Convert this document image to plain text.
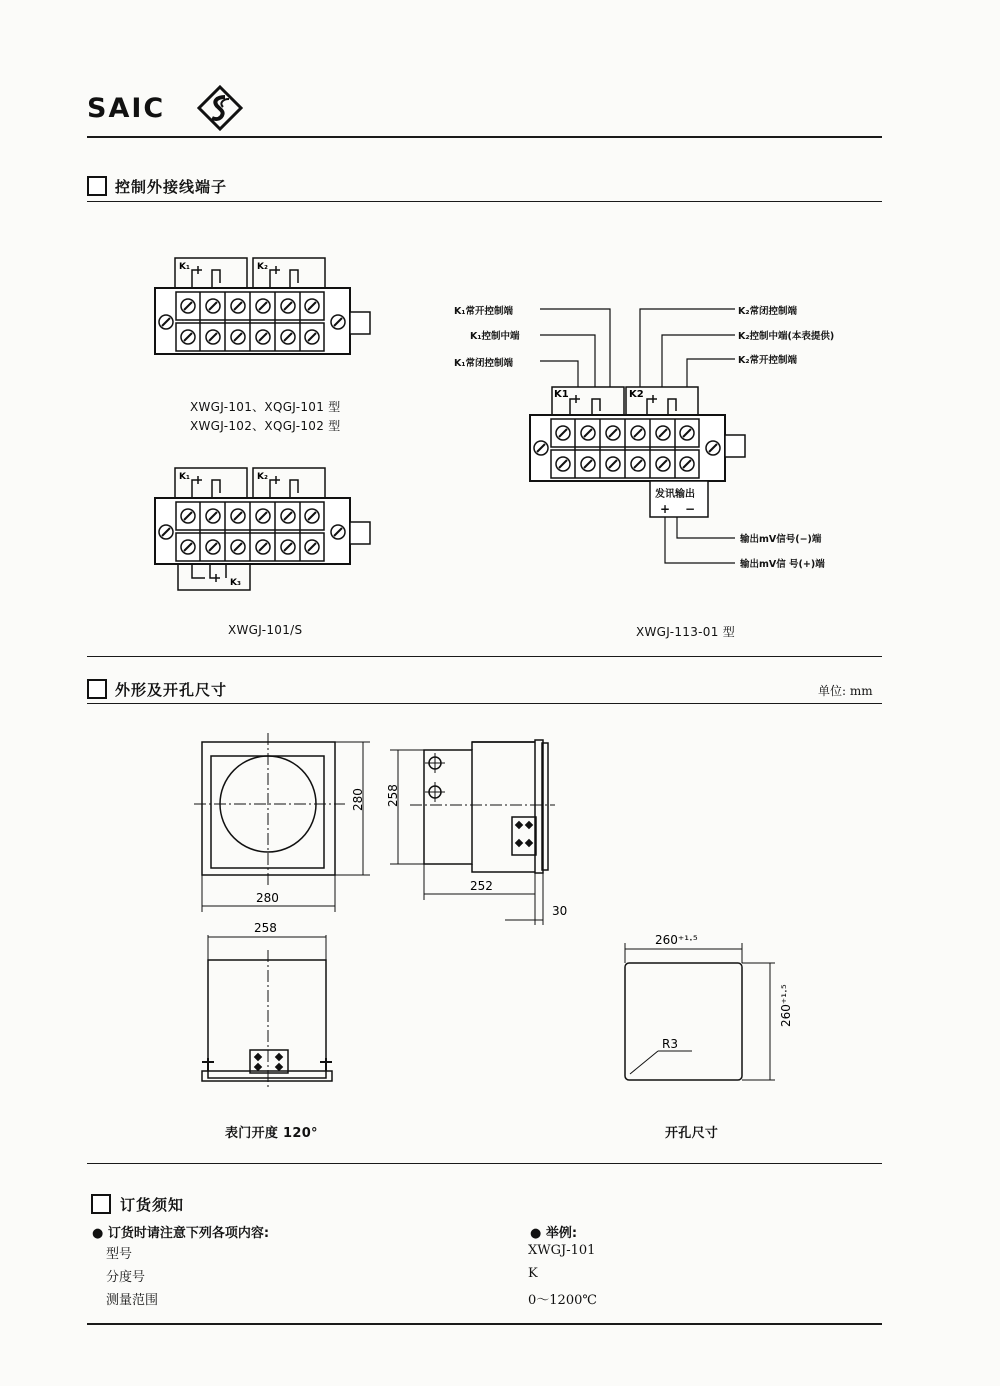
SAIC
控制外接线端子
K₁	K₂
XWGJ-101、XQGJ-101 型
XWGJ-102、XQGJ-102 型
K₁	K₂
K₃
XWGJ-101/S
K1	K2
发讯输出
+ −
K₁常开控制端
K₁控制中端
K₁常闭控制端
K₂常闭控制端
K₂控制中端(本表提供)
K₂常开控制端
输出mV信号(−)端
输出mV信 号(+)端
XWGJ-113-01 型
外形及开孔尺寸	单位: mm
280
280
258
252
30
258
260⁺¹·⁵
260⁺¹·⁵
R3
表门开度 120°	开孔尺寸
订货须知
● 订货时请注意下列各项内容:	● 举例:
型号	XWGJ-101
分度号	K
测量范围	0～1200℃
